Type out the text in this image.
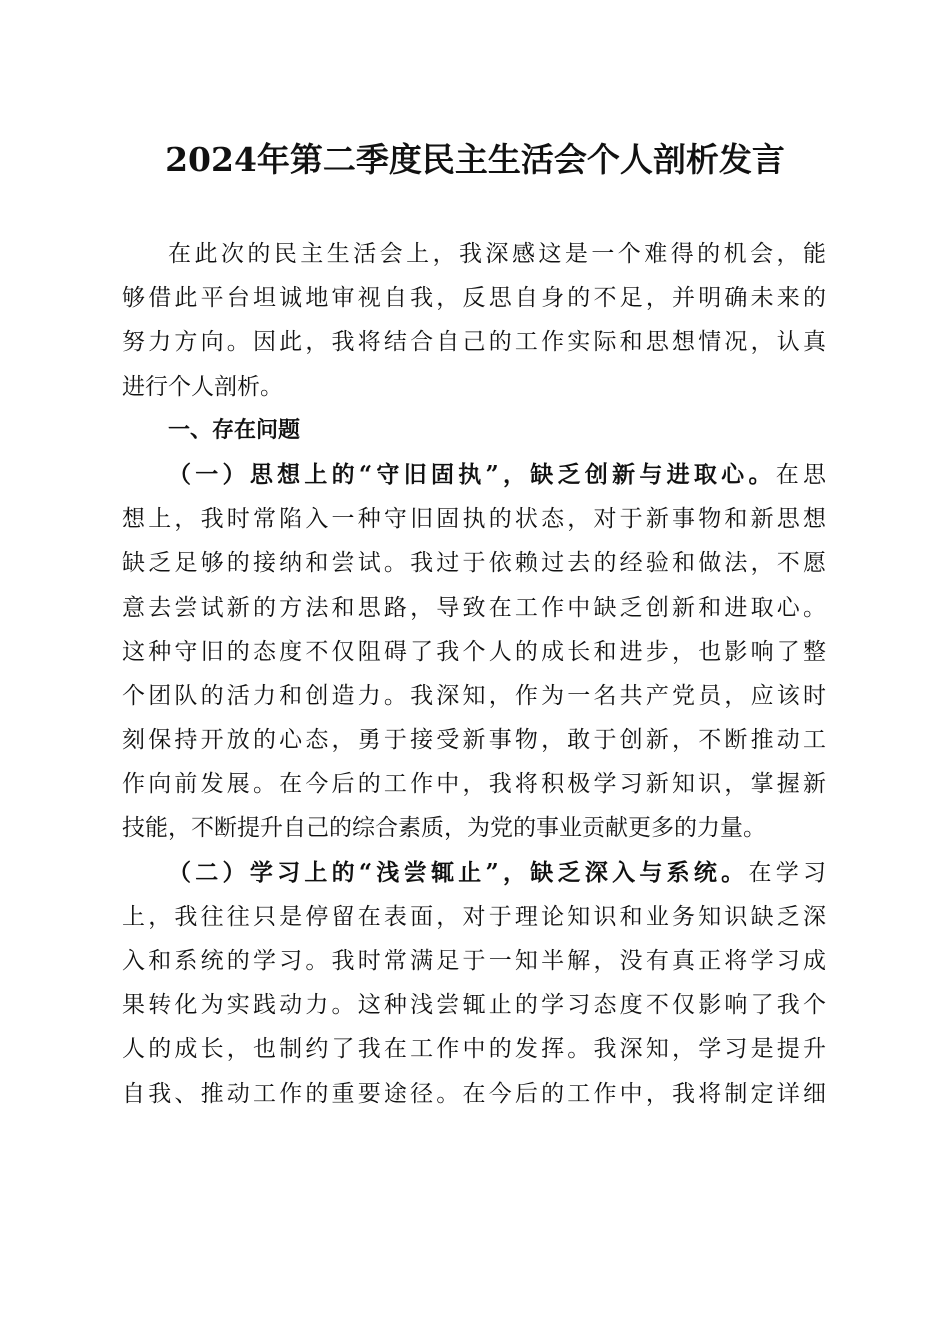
2024年第二季度民主生活会个人剖析发言
在此次的民主生活会上，我深感这是一个难得的机会，能
够借此平台坦诚地审视自我，反思自身的不足，并明确未来的
努力方向。因此，我将结合自己的工作实际和思想情况，认真
进行个人剖析。
一、存在问题
（一）思想上的“守旧固执”，缺乏创新与进取心。在思
想上，我时常陷入一种守旧固执的状态，对于新事物和新思想
缺乏足够的接纳和尝试。我过于依赖过去的经验和做法，不愿
意去尝试新的方法和思路，导致在工作中缺乏创新和进取心。
这种守旧的态度不仅阻碍了我个人的成长和进步，也影响了整
个团队的活力和创造力。我深知，作为一名共产党员，应该时
刻保持开放的心态，勇于接受新事物，敢于创新，不断推动工
作向前发展。在今后的工作中，我将积极学习新知识，掌握新
技能，不断提升自己的综合素质，为党的事业贡献更多的力量。
（二）学习上的“浅尝辄止”，缺乏深入与系统。在学习
上，我往往只是停留在表面，对于理论知识和业务知识缺乏深
入和系统的学习。我时常满足于一知半解，没有真正将学习成
果转化为实践动力。这种浅尝辄止的学习态度不仅影响了我个
人的成长，也制约了我在工作中的发挥。我深知，学习是提升
自我、推动工作的重要途径。在今后的工作中，我将制定详细
